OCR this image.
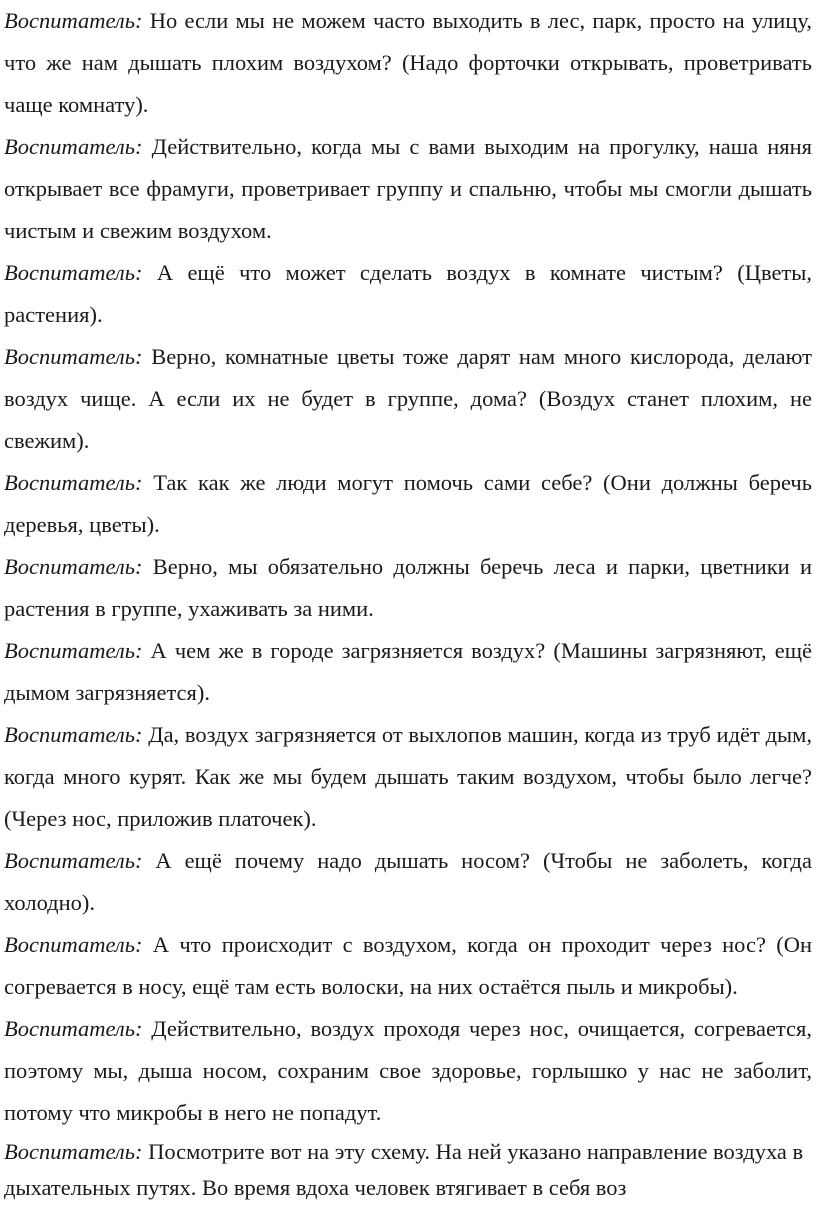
Воспитатель: Но если мы не можем часто выходить в лес, парк, просто на улицу, что же нам дышать плохим воздухом? (Надо форточки открывать, проветривать чаще комнату).

Воспитатель: Действительно, когда мы с вами выходим на прогулку, наша няня открывает все фрамуги, проветривает группу и спальню, чтобы мы смогли дышать чистым и свежим воздухом.

Воспитатель: А ещё что может сделать воздух в комнате чистым? (Цветы, растения).

Воспитатель: Верно, комнатные цветы тоже дарят нам много кислорода, делают воздух чище. А если их не будет в группе, дома? (Воздух станет плохим, не свежим).

Воспитатель: Так как же люди могут помочь сами себе? (Они должны беречь деревья, цветы).

Воспитатель: Верно, мы обязательно должны беречь леса и парки, цветники и растения в группе, ухаживать за ними.

Воспитатель: А чем же в городе загрязняется воздух? (Машины загрязняют, ещё дымом загрязняется).

Воспитатель: Да, воздух загрязняется от выхлопов машин, когда из труб идёт дым, когда много курят. Как же мы будем дышать таким воздухом, чтобы было легче? (Через нос, приложив платочек).

Воспитатель: А ещё почему надо дышать носом? (Чтобы не заболеть, когда холодно).

Воспитатель: А что происходит с воздухом, когда он проходит через нос? (Он согревается в носу, ещё там есть волоски, на них остаётся пыль и микробы).

Воспитатель: Действительно, воздух проходя через нос, очищается, согревается, поэтому мы, дыша носом, сохраним свое здоровье, горлышко у нас не заболит, потому что микробы в него не попадут.

Воспитатель: Посмотрите вот на эту схему. На ней указано направление воздуха в дыхательных путях. Во время вдоха человек втягивает в себя воз
